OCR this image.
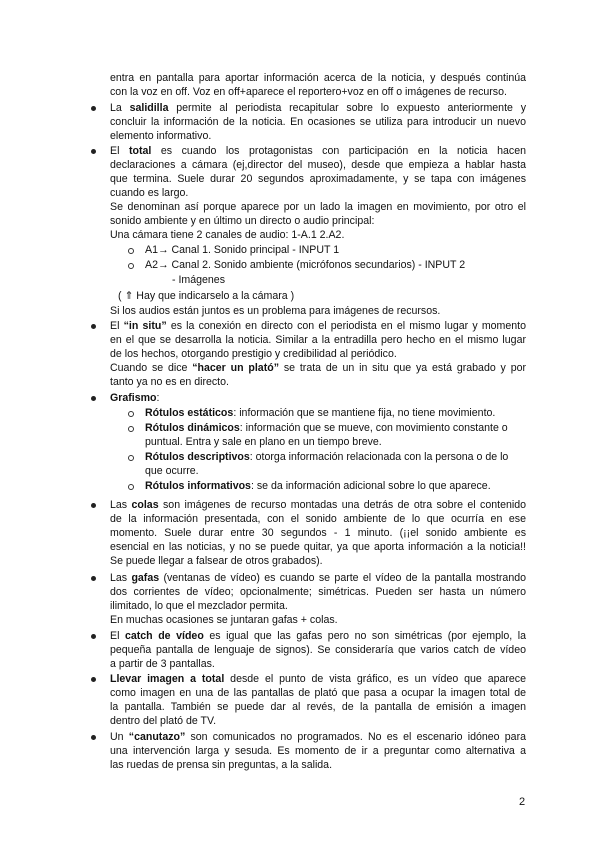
entra en pantalla para aportar información acerca de la noticia, y después continúa
con la voz en off. Voz en off+aparece el reportero+voz en off o imágenes de recurso.
La salidilla permite al periodista recapitular sobre lo expuesto anteriormente y
concluir la información de la noticia. En ocasiones se utiliza para introducir un nuevo
elemento informativo.
El total es cuando los protagonistas con participación en la noticia hacen
declaraciones a cámara (ej,director del museo), desde que empieza a hablar hasta
que termina. Suele durar 20 segundos aproximadamente, y se tapa con imágenes
cuando es largo.
Se denominan así porque aparece por un lado la imagen en movimiento, por otro el
sonido ambiente y en último un directo o audio principal:
Una cámara tiene 2 canales de audio: 1-A.1 2.A2.
A1→ Canal 1. Sonido principal - INPUT 1
A2→ Canal 2. Sonido ambiente (micrófonos secundarios) - INPUT 2
- Imágenes
( ⇑ Hay que indicarselo a la cámara )
Si los audios están juntos es un problema para imágenes de recursos.
El “in situ” es la conexión en directo con el periodista en el mismo lugar y momento
en el que se desarrolla la noticia. Similar a la entradilla pero hecho en el mismo lugar
de los hechos, otorgando prestigio y credibilidad al periódico.
Cuando se dice “hacer un plató” se trata de un in situ que ya está grabado y por
tanto ya no es en directo.
Grafismo:
Rótulos estáticos: información que se mantiene fija, no tiene movimiento.
Rótulos dinámicos: información que se mueve, con movimiento constante o
puntual. Entra y sale en plano en un tiempo breve.
Rótulos descriptivos: otorga información relacionada con la persona o de lo
que ocurre.
Rótulos informativos: se da información adicional sobre lo que aparece.
Las colas son imágenes de recurso montadas una detrás de otra sobre el contenido
de la información presentada, con el sonido ambiente de lo que ocurría en ese
momento. Suele durar entre 30 segundos - 1 minuto. (¡¡el sonido ambiente es
esencial en las noticias, y no se puede quitar, ya que aporta información a la noticia!!
Se puede llegar a falsear de otros grabados).
Las gafas (ventanas de vídeo) es cuando se parte el vídeo de la pantalla mostrando
dos corrientes de vídeo; opcionalmente; simétricas. Pueden ser hasta un número
ilimitado, lo que el mezclador permita.
En muchas ocasiones se juntaran gafas + colas.
El catch de vídeo es igual que las gafas pero no son simétricas (por ejemplo, la
pequeña pantalla de lenguaje de signos). Se consideraría que varios catch de vídeo
a partir de 3 pantallas.
Llevar imagen a total desde el punto de vista gráfico, es un vídeo que aparece
como imagen en una de las pantallas de plató que pasa a ocupar la imagen total de
la pantalla. También se puede dar al revés, de la pantalla de emisión a imagen
dentro del plató de TV.
Un “canutazo” son comunicados no programados. No es el escenario idóneo para
una intervención larga y sesuda. Es momento de ir a preguntar como alternativa a
las ruedas de prensa sin preguntas, a la salida.
2
